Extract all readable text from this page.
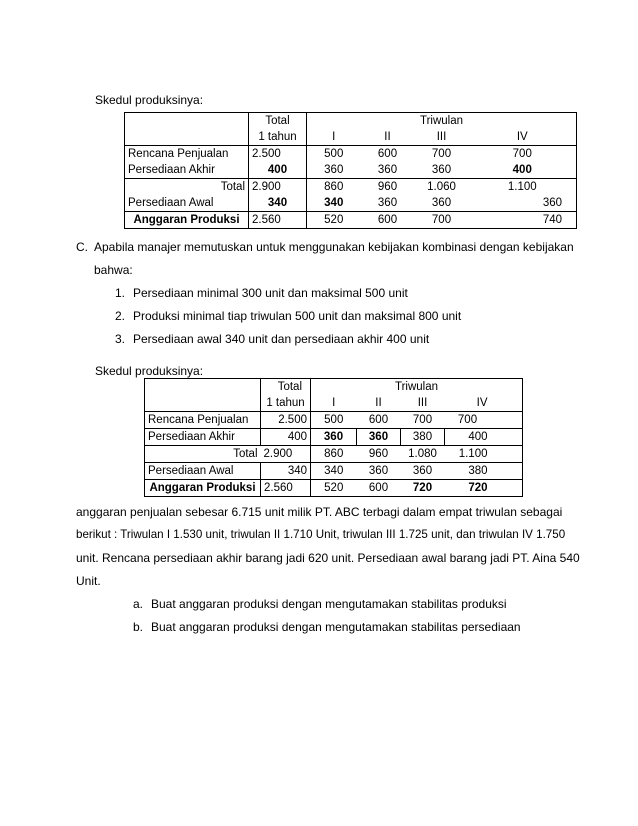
Skedul produksinya:
	Total	Triwulan			
	1 tahun	I	II	III	IV
Rencana Penjualan	2.500	500	600	700	700
Persediaan Akhir	400	360	360	360	400
Total	2.900	860	960	1.060	1.100
Persediaan Awal	340	340	360	360	360
Anggaran Produksi	2.560	520	600	700	740
C. Apabila manajer memutuskan untuk menggunakan kebijakan kombinasi dengan kebijakan
bahwa:
1. Persediaan minimal 300 unit dan maksimal 500 unit
2. Produksi minimal tiap triwulan 500 unit dan maksimal 800 unit
3. Persediaan awal 340 unit dan persediaan akhir 400 unit
Skedul produksinya:
	Total	Triwulan				
	1 tahun	I	II	III	IV	
Rencana Penjualan	2.500	500	600	700	700	
Persediaan Akhir	400	360	360	380	400	
Total	2.900	860	960	1.080	1.100	
Persediaan Awal	340	340	360	360	380	
Anggaran Produksi	2.560	520	600	720	720	
anggaran penjualan sebesar 6.715 unit milik PT. ABC terbagi dalam empat triwulan sebagai
berikut : Triwulan I 1.530 unit, triwulan II 1.710 Unit, triwulan III 1.725 unit, dan triwulan IV 1.750
unit. Rencana persediaan akhir barang jadi 620 unit. Persediaan awal barang jadi PT. Aina 540
Unit.
a. Buat anggaran produksi dengan mengutamakan stabilitas produksi
b. Buat anggaran produksi dengan mengutamakan stabilitas persediaan
